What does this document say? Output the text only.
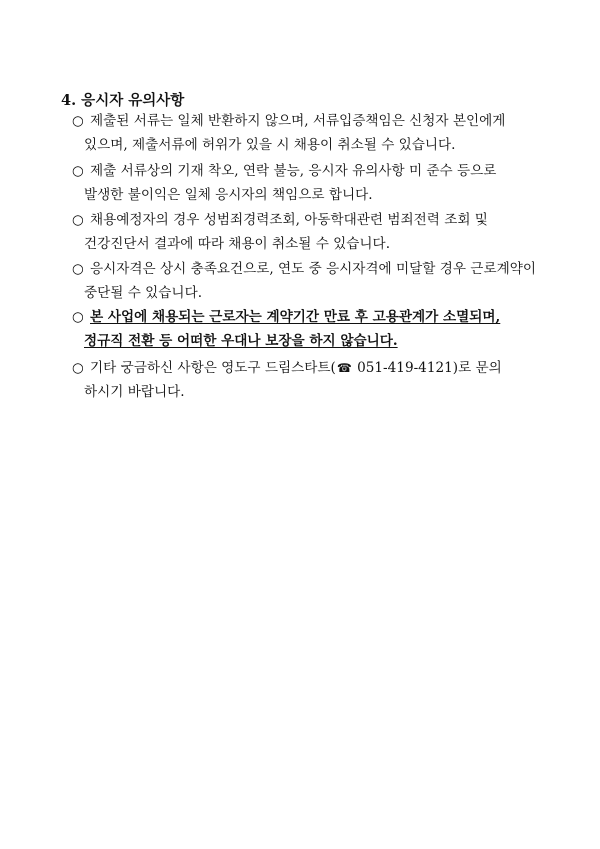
4. 응시자 유의사항
○ 제출된 서류는 일체 반환하지 않으며, 서류입증책임은 신청자 본인에게
있으며, 제출서류에 허위가 있을 시 채용이 취소될 수 있습니다.
○ 제출 서류상의 기재 착오, 연락 불능, 응시자 유의사항 미 준수 등으로
발생한 불이익은 일체 응시자의 책임으로 합니다.
○ 채용예정자의 경우 성범죄경력조회, 아동학대관련 범죄전력 조회 및
건강진단서 결과에 따라 채용이 취소될 수 있습니다.
○ 응시자격은 상시 충족요건으로, 연도 중 응시자격에 미달할 경우 근로계약이
중단될 수 있습니다.
○ 본 사업에 채용되는 근로자는 계약기간 만료 후 고용관계가 소멸되며,
정규직 전환 등 어떠한 우대나 보장을 하지 않습니다.
○ 기타 궁금하신 사항은 영도구 드림스타트(☎ 051-419-4121)로 문의
하시기 바랍니다.
